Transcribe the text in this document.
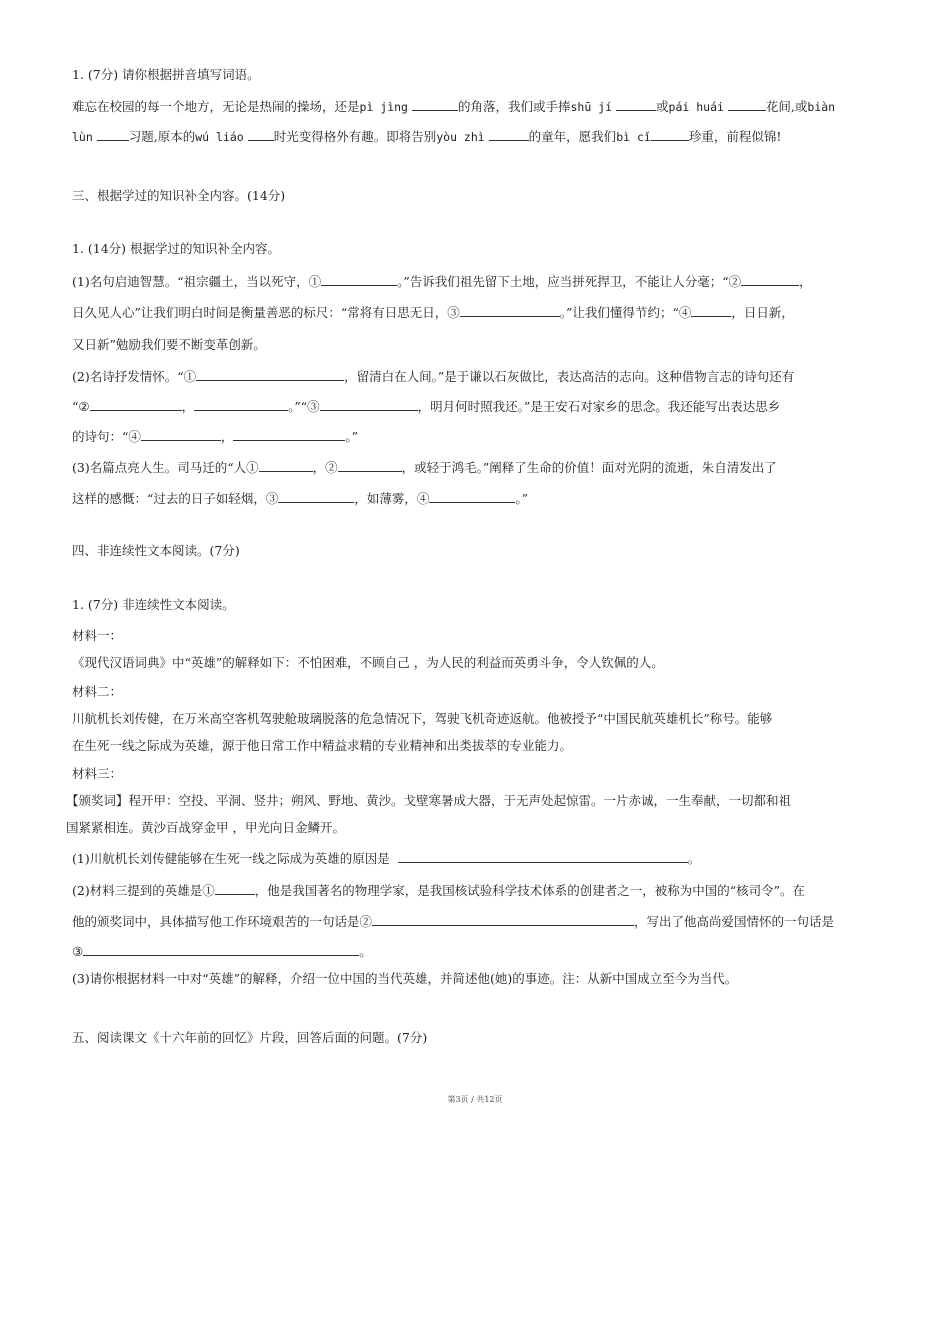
1. (7分) 请你根据拼音填写词语。
难忘在校园的每一个地方，无论是热闹的操场，还是pì jìng	的角落，我们或手捧shū jí	或pái huái	花间,或biàn
lùn	习题,原本的wú liáo 时光变得格外有趣。即将告别yòu zhì	的童年，愿我们bì cǐ	珍重，前程似锦!
三、根据学过的知识补全内容。(14分)
1. (14分) 根据学过的知识补全内容。
(1)名句启迪智慧。“祖宗疆土，当以死守，①	。”告诉我们祖先留下土地，应当拼死捍卫，不能让人分毫；“②	，
日久见人心”让我们明白时间是衡量善恶的标尺：“常将有日思无日，③	。”让我们懂得节约；“④	，日日新，
又日新”勉励我们要不断变革创新。
(2)名诗抒发情怀。“①	，留清白在人间。”是于谦以石灰做比，表达高洁的志向。这种借物言志的诗句还有
“②	，	。”“③	，明月何时照我还。”是王安石对家乡的思念。我还能写出表达思乡
的诗句：“④	，	。”
(3)名篇点亮人生。司马迁的“人①	，②	，或轻于鸿毛。”阐释了生命的价值！面对光阴的流逝，朱自清发出了
这样的感慨：“过去的日子如轻烟，③	，如薄雾，④	。”
四、非连续性文本阅读。(7分)
1. (7分) 非连续性文本阅读。
材料一：
《现代汉语词典》中“英雄”的解释如下：不怕困难，不顾自己 ，为人民的利益而英勇斗争，令人钦佩的人。
材料二：
川航机长刘传健，在万米高空客机驾驶舱玻璃脱落的危急情况下，驾驶飞机奇迹返航。他被授予“中国民航英雄机长”称号。能够
在生死一线之际成为英雄，源于他日常工作中精益求精的专业精神和出类拔萃的专业能力。
材料三：
【颁奖词】程开甲：空投、平洞、竖井；朔风、野地、黄沙。戈壁寒暑成大器，于无声处起惊雷。一片赤诚，一生奉献，一切都和祖
国紧紧相连。黄沙百战穿金甲 ，甲光向日金鳞开。
(1)川航机长刘传健能够在生死一线之际成为英雄的原因是	。
(2)材料三提到的英雄是①	，他是我国著名的物理学家，是我国核试验科学技术体系的创建者之一，被称为中国的“核司令”。在
他的颁奖词中，具体描写他工作环境艰苦的一句话是②	，写出了他高尚爱国情怀的一句话是
③	。
(3)请你根据材料一中对“英雄”的解释，介绍一位中国的当代英雄，并简述他(她)的事迹。注：从新中国成立至今为当代。
五、阅读课文《十六年前的回忆》片段，回答后面的问题。(7分)
第3页 / 共12页
